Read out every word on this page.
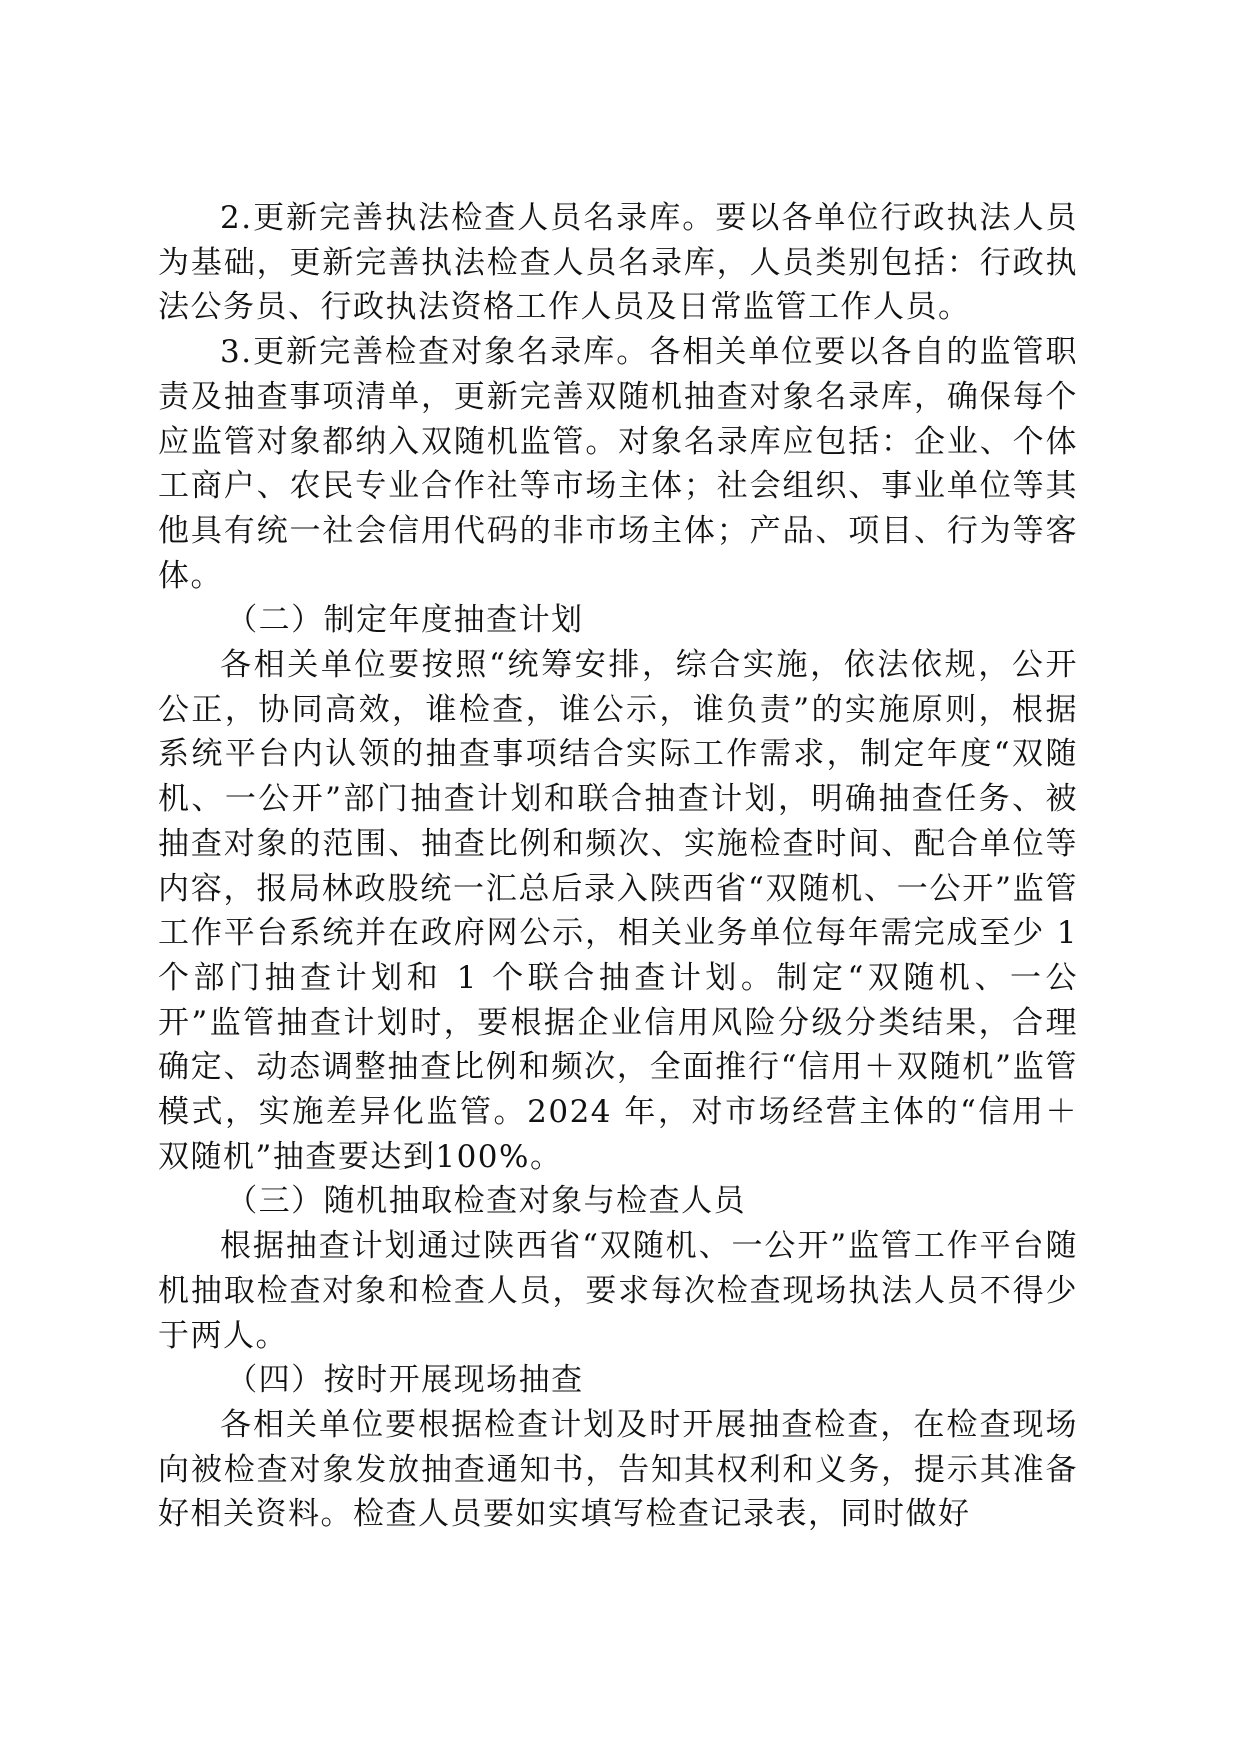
2.更新完善执法检查人员名录库。要以各单位行政执法人员为基础，更新完善执法检查人员名录库，人员类别包括：行政执法公务员、行政执法资格工作人员及日常监管工作人员。

3.更新完善检查对象名录库。各相关单位要以各自的监管职责及抽查事项清单，更新完善双随机抽查对象名录库，确保每个应监管对象都纳入双随机监管。对象名录库应包括：企业、个体工商户、农民专业合作社等市场主体；社会组织、事业单位等其他具有统一社会信用代码的非市场主体；产品、项目、行为等客体。

（二）制定年度抽查计划

各相关单位要按照“统筹安排，综合实施，依法依规，公开公正，协同高效，谁检查，谁公示，谁负责”的实施原则，根据系统平台内认领的抽查事项结合实际工作需求，制定年度“双随机、一公开”部门抽查计划和联合抽查计划，明确抽查任务、被抽查对象的范围、抽查比例和频次、实施检查时间、配合单位等内容，报局林政股统一汇总后录入陕西省“双随机、一公开”监管工作平台系统并在政府网公示，相关业务单位每年需完成至少 1 个部门抽查计划和 1 个联合抽查计划。制定“双随机、一公开”监管抽查计划时，要根据企业信用风险分级分类结果，合理确定、动态调整抽查比例和频次，全面推行“信用＋双随机”监管模式，实施差异化监管。2024 年，对市场经营主体的“信用＋双随机”抽查要达到100%。

（三）随机抽取检查对象与检查人员

根据抽查计划通过陕西省“双随机、一公开”监管工作平台随机抽取检查对象和检查人员，要求每次检查现场执法人员不得少于两人。

（四）按时开展现场抽查

各相关单位要根据检查计划及时开展抽查检查，在检查现场向被检查对象发放抽查通知书，告知其权利和义务，提示其准备好相关资料。检查人员要如实填写检查记录表，同时做好
